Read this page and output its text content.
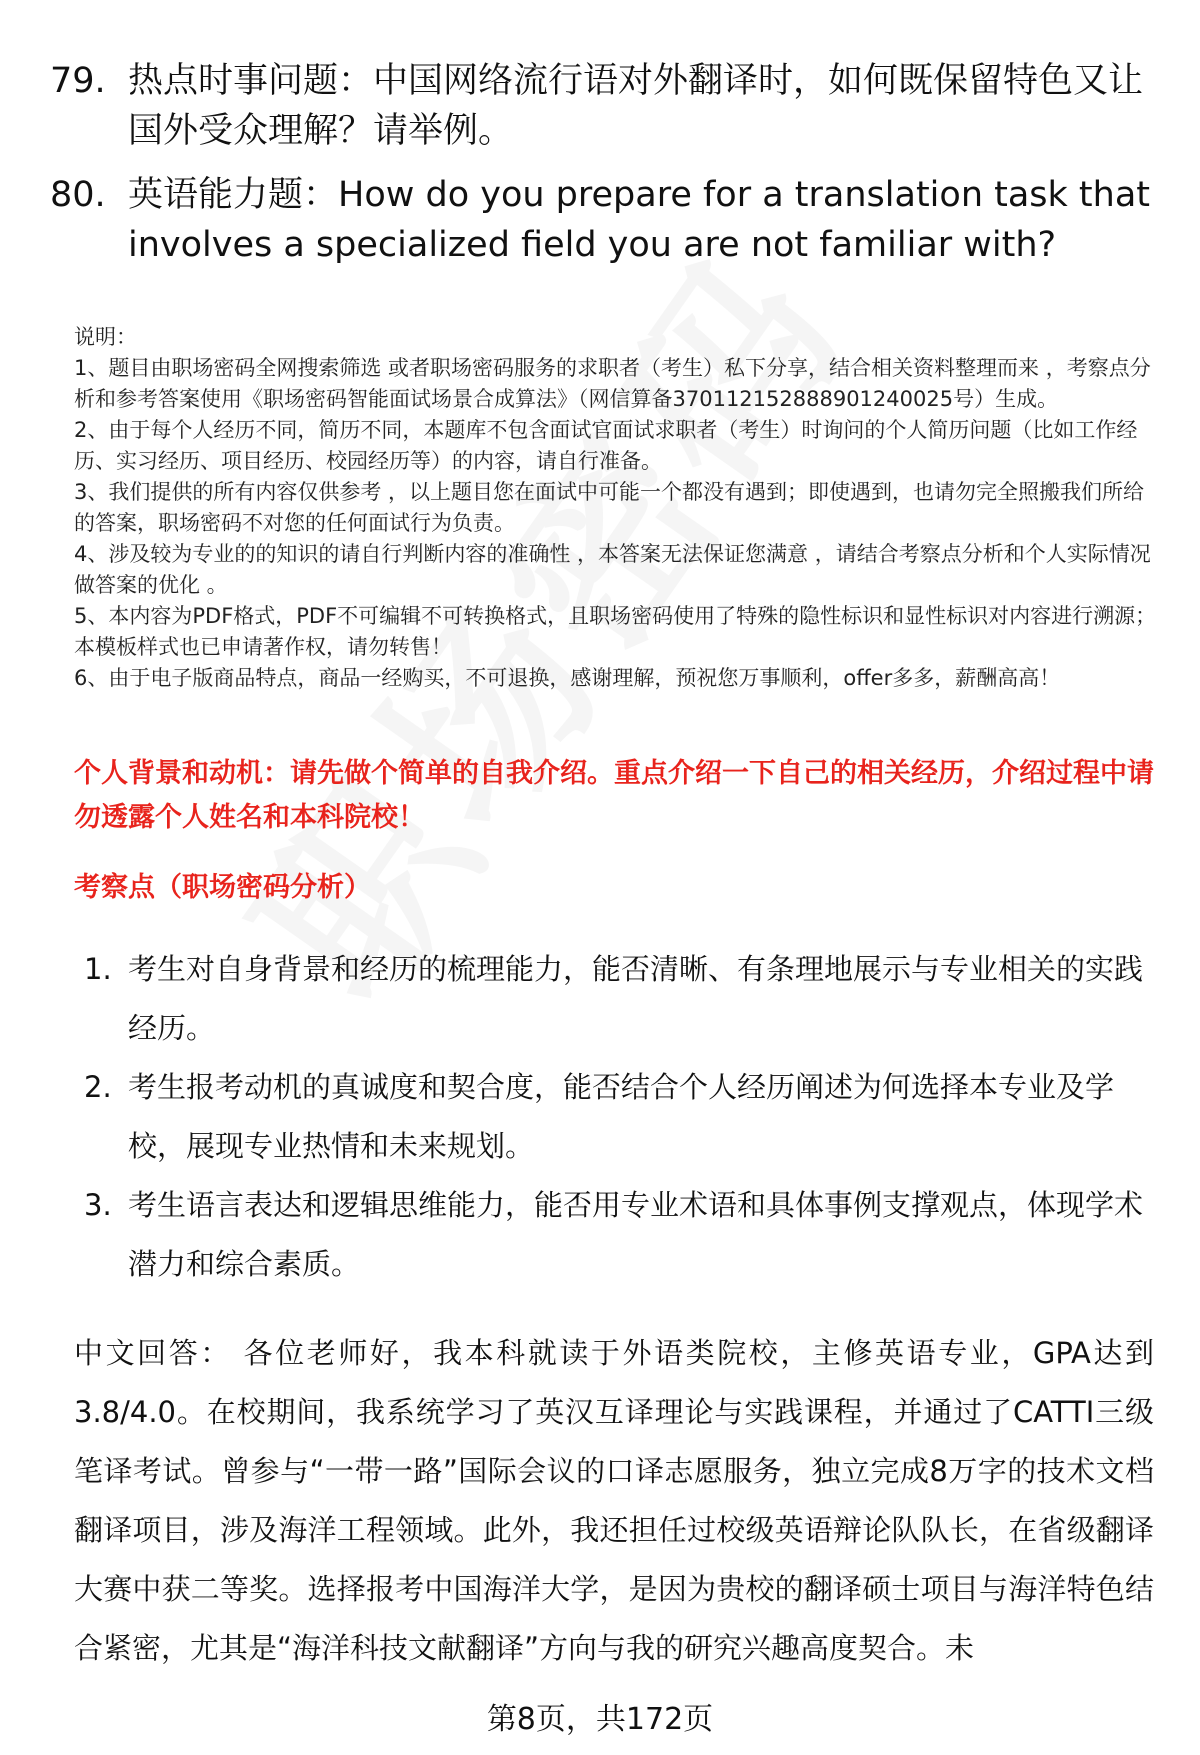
79. 热点时事问题：中国网络流行语对外翻译时，如何既保留特色又让国外受众理解？请举例。
80. 英语能力题：How do you prepare for a translation task that involves a specialized field you are not familiar with?

说明：

1、题目由职场密码全网搜索筛选 或者职场密码服务的求职者（考生）私下分享，结合相关资料整理而来 ，考察点分析和参考答案使用《职场密码智能面试场景合成算法》（网信算备370112152888901240025号）生成。

2、由于每个人经历不同，简历不同，本题库不包含面试官面试求职者（考生）时询问的个人简历问题（比如工作经历、实习经历、项目经历、校园经历等）的内容，请自行准备。

3、我们提供的所有内容仅供参考 ，以上题目您在面试中可能一个都没有遇到；即使遇到，也请勿完全照搬我们所给的答案，职场密码不对您的任何面试行为负责。

4、涉及较为专业的的知识的请自行判断内容的准确性 ，本答案无法保证您满意 ，请结合考察点分析和个人实际情况做答案的优化 。

5、本内容为PDF格式，PDF不可编辑不可转换格式，且职场密码使用了特殊的隐性标识和显性标识对内容进行溯源；本模板样式也已申请著作权，请勿转售！

6、由于电子版商品特点，商品一经购买，不可退换，感谢理解，预祝您万事顺利，offer多多，薪酬高高！

个人背景和动机：请先做个简单的自我介绍。重点介绍一下自己的相关经历，介绍过程中请勿透露个人姓名和本科院校！
考察点（职场密码分析）
1. 考生对自身背景和经历的梳理能力，能否清晰、有条理地展示与专业相关的实践经历。
2. 考生报考动机的真诚度和契合度，能否结合个人经历阐述为何选择本专业及学校，展现专业热情和未来规划。
3. 考生语言表达和逻辑思维能力，能否用专业术语和具体事例支撑观点，体现学术潜力和综合素质。
中文回答： 各位老师好，我本科就读于外语类院校，主修英语专业，GPA达到3.8/4.0。在校期间，我系统学习了英汉互译理论与实践课程，并通过了CATTI三级笔译考试。曾参与“一带一路”国际会议的口译志愿服务，独立完成8万字的技术文档翻译项目，涉及海洋工程领域。此外，我还担任过校级英语辩论队队长，在省级翻译大赛中获二等奖。选择报考中国海洋大学，是因为贵校的翻译硕士项目与海洋特色结合紧密，尤其是“海洋科技文献翻译”方向与我的研究兴趣高度契合。未
第8页，共172页
